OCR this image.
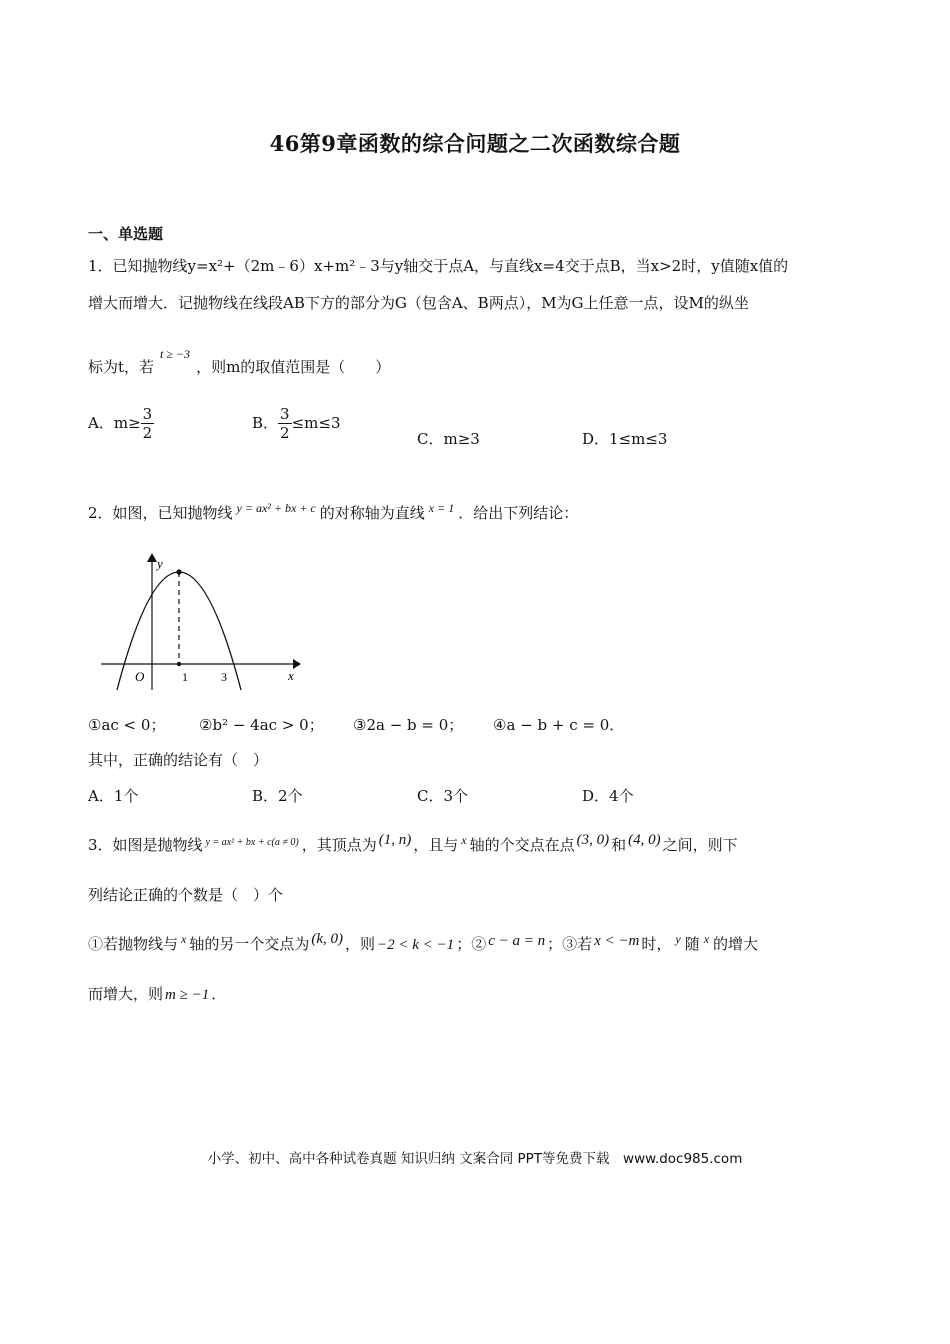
46第9章函数的综合问题之二次函数综合题
一、单选题
1．已知抛物线y=x²+（2m﹣6）x+m²﹣3与y轴交于点A，与直线x=4交于点B，当x>2时，y值随x值的
增大而增大．记抛物线在线段AB下方的部分为G（包含A、B两点），M为G上任意一点，设M的纵坐
标为t，若$^{t \ge -3}$，则m的取值范围是（　　）
A．$m\ge \frac{3}{2}$	B． $\frac{3}{2} \le m\le 3$
C．m≥3	D．1≤m≤3
2．如图，已知抛物线 $^{y = ax^2 + bx + c}$ 的对称轴为直线 $^{x = 1}$ ．给出下列结论：
y
x
O	1	3
①ac < 0； ②b² − 4ac > 0； ③2a − b = 0； ④a − b + c = 0．
其中，正确的结论有（　）
A．1个	B．2个	C．3个	D．4个
3．如图是抛物线 $^{y = ax^2 + bx + c(a \ne 0)}$ ，其顶点为 (1, n) ，且与 $^x$ 轴的个交点在点 (3, 0) 和 (4, 0) 之间，则下
列结论正确的个数是（　）个
①若抛物线与 $^x$ 轴的另一个交点为 (k, 0) ，则 −2 < k < −1 ；② c − a = n ；③若 x < −m 时， $^y$ 随 $^x$ 的增大
而增大，则 m ≥ −1 ．
小学、初中、高中各种试卷真题 知识归纳 文案合同 PPT等免费下载　www.doc985.com
